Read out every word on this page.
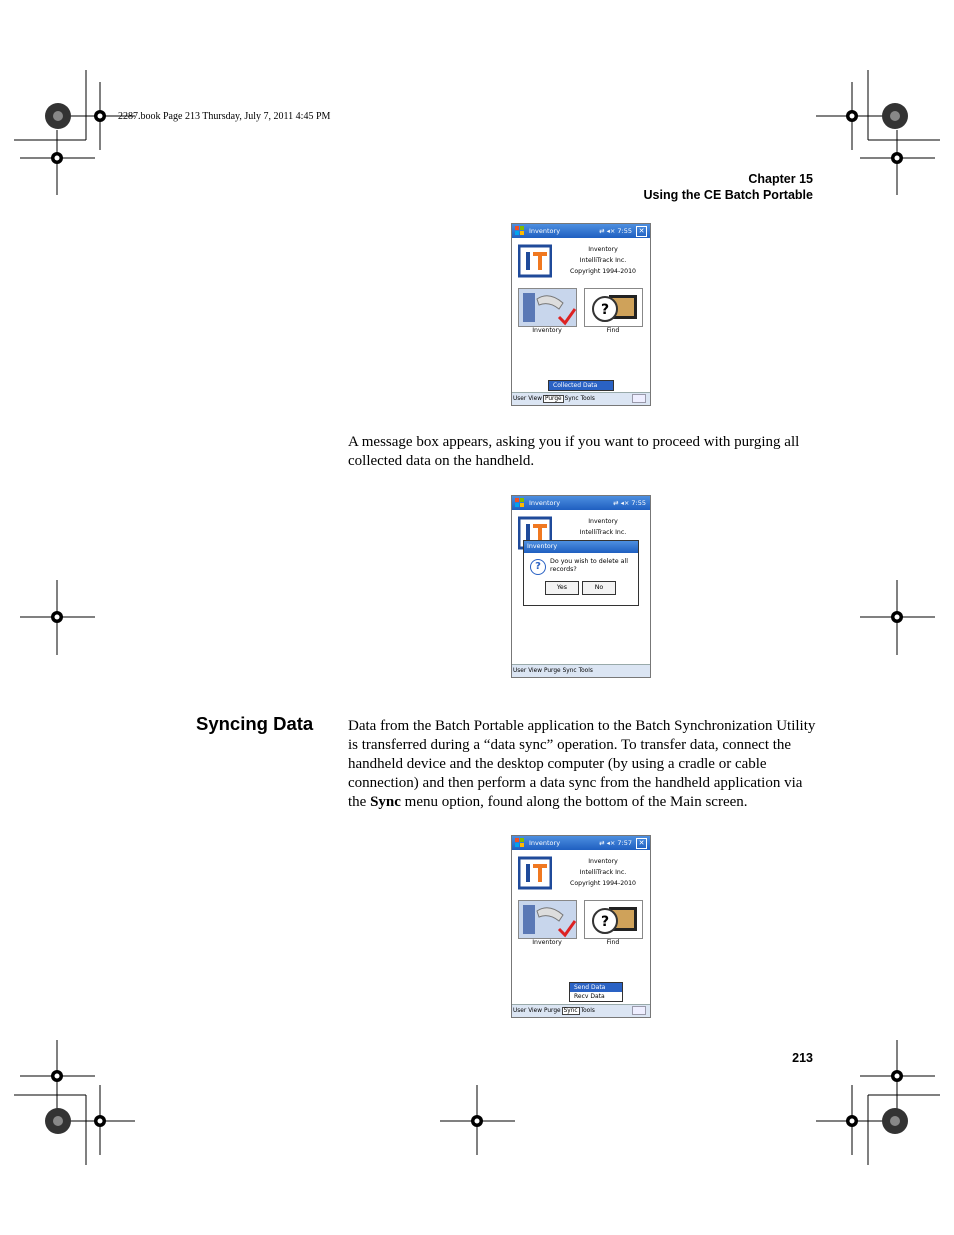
2287.book Page 213 Thursday, July 7, 2011 4:45 PM
Chapter 15
Using the CE Batch Portable
Inventory	⇄ ◂× 7:55 ✕
Inventory
IntelliTrack Inc.
Copyright 1994-2010
?
Inventory	Find
Collected Data
User View Purge Sync Tools

A message box appears, asking you if you want to proceed with purging all collected data on the handheld.

Inventory	⇄ ◂× 7:55
Inventory
IntelliTrack Inc.
Inventory
?	Do you wish to delete all records?
Yes	No
User View Purge Sync Tools
Syncing Data Data from the Batch Portable application to the Batch Synchronization Utility is transferred during a “data sync” operation. To transfer data, connect the handheld device and the desktop computer (by using a cradle or cable connection) and then perform a data sync from the handheld application via the Sync menu option, found along the bottom of the Main screen.

Inventory	⇄ ◂× 7:57 ✕
Inventory
IntelliTrack Inc.
Copyright 1994-2010
?
Inventory	Find
Send Data
Recv Data
User View Purge Sync Tools
213
